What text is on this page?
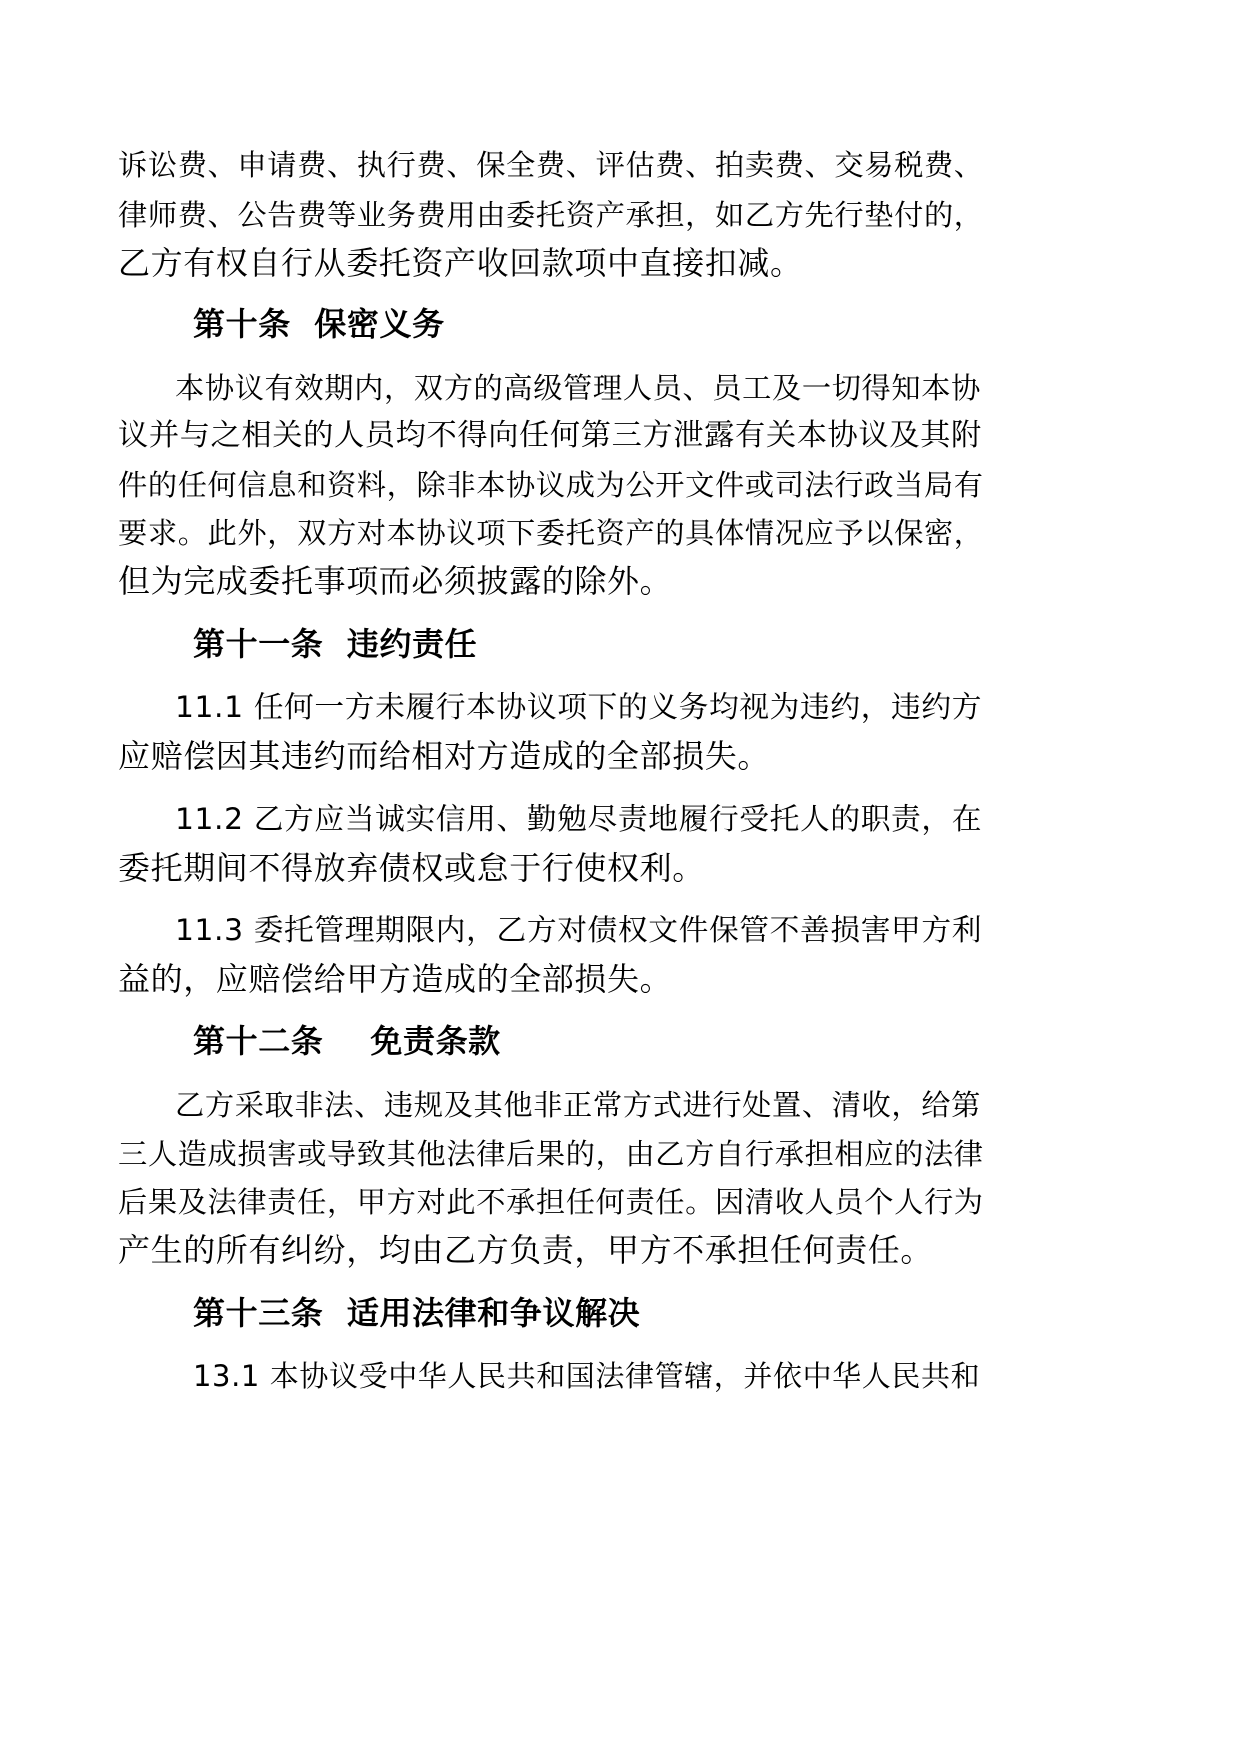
诉讼费、申请费、执行费、保全费、评估费、拍卖费、交易税费、

律师费、公告费等业务费用由委托资产承担，如乙方先行垫付的，

乙方有权自行从委托资产收回款项中直接扣减。

第十条  保密义务

本协议有效期内，双方的高级管理人员、员工及一切得知本协

议并与之相关的人员均不得向任何第三方泄露有关本协议及其附

件的任何信息和资料，除非本协议成为公开文件或司法行政当局有

要求。此外，双方对本协议项下委托资产的具体情况应予以保密，

但为完成委托事项而必须披露的除外。

第十一条  违约责任

11.1 任何一方未履行本协议项下的义务均视为违约，违约方

应赔偿因其违约而给相对方造成的全部损失。

11.2 乙方应当诚实信用、勤勉尽责地履行受托人的职责，在

委托期间不得放弃债权或怠于行使权利。

11.3 委托管理期限内，乙方对债权文件保管不善损害甲方利

益的，应赔偿给甲方造成的全部损失。

第十二条    免责条款

乙方采取非法、违规及其他非正常方式进行处置、清收，给第

三人造成损害或导致其他法律后果的，由乙方自行承担相应的法律

后果及法律责任，甲方对此不承担任何责任。因清收人员个人行为

产生的所有纠纷，均由乙方负责，甲方不承担任何责任。

第十三条  适用法律和争议解决

13.1 本协议受中华人民共和国法律管辖，并依中华人民共和
